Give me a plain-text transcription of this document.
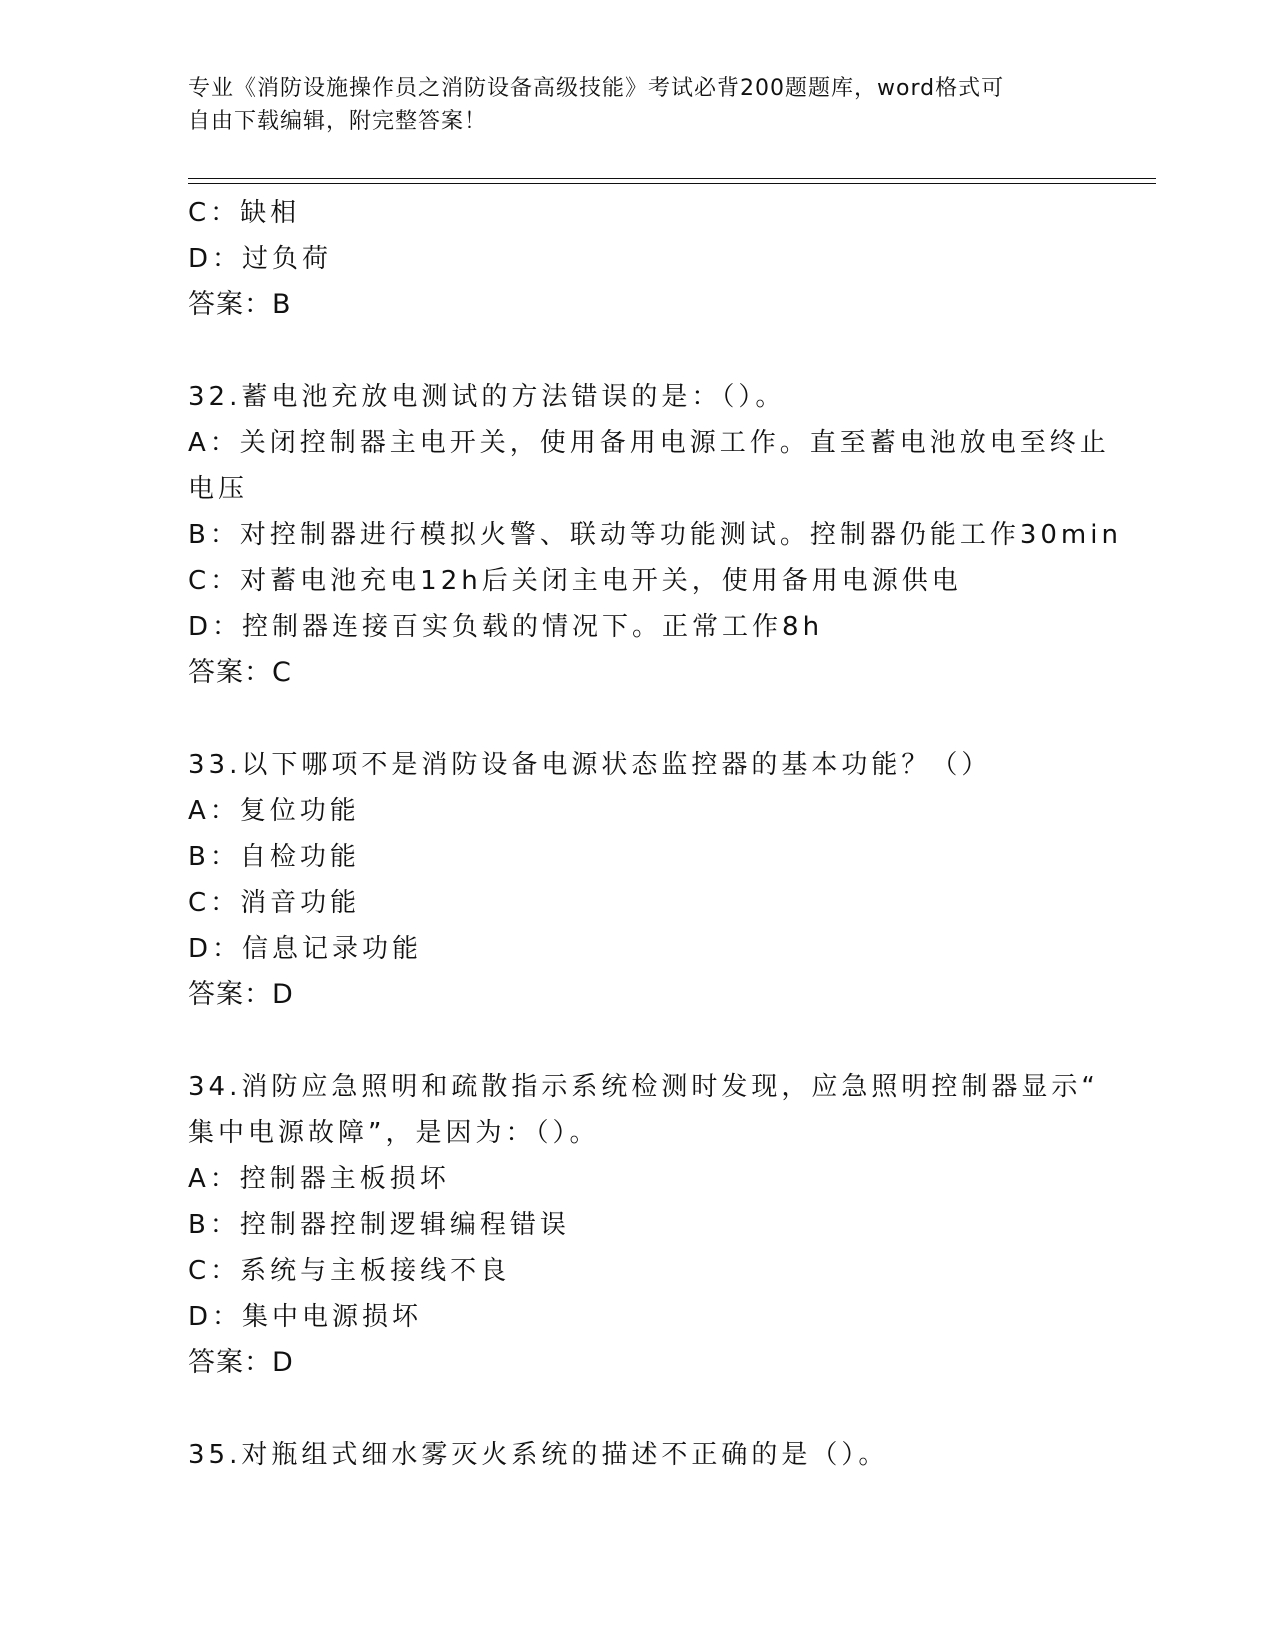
专业《消防设施操作员之消防设备高级技能》考试必背200题题库，word格式可
自由下载编辑，附完整答案！
C：缺相
D：过负荷
答案：B
32.蓄电池充放电测试的方法错误的是：（）。
A：关闭控制器主电开关，使用备用电源工作。直至蓄电池放电至终止
电压
B：对控制器进行模拟火警、联动等功能测试。控制器仍能工作30min
C：对蓄电池充电12h后关闭主电开关，使用备用电源供电
D：控制器连接百实负载的情况下。正常工作8h
答案：C
33.以下哪项不是消防设备电源状态监控器的基本功能？（）
A：复位功能
B：自检功能
C：消音功能
D：信息记录功能
答案：D
34.消防应急照明和疏散指示系统检测时发现，应急照明控制器显示“
集中电源故障”，是因为：（）。
A：控制器主板损坏
B：控制器控制逻辑编程错误
C：系统与主板接线不良
D：集中电源损坏
答案：D
35.对瓶组式细水雾灭火系统的描述不正确的是（）。
